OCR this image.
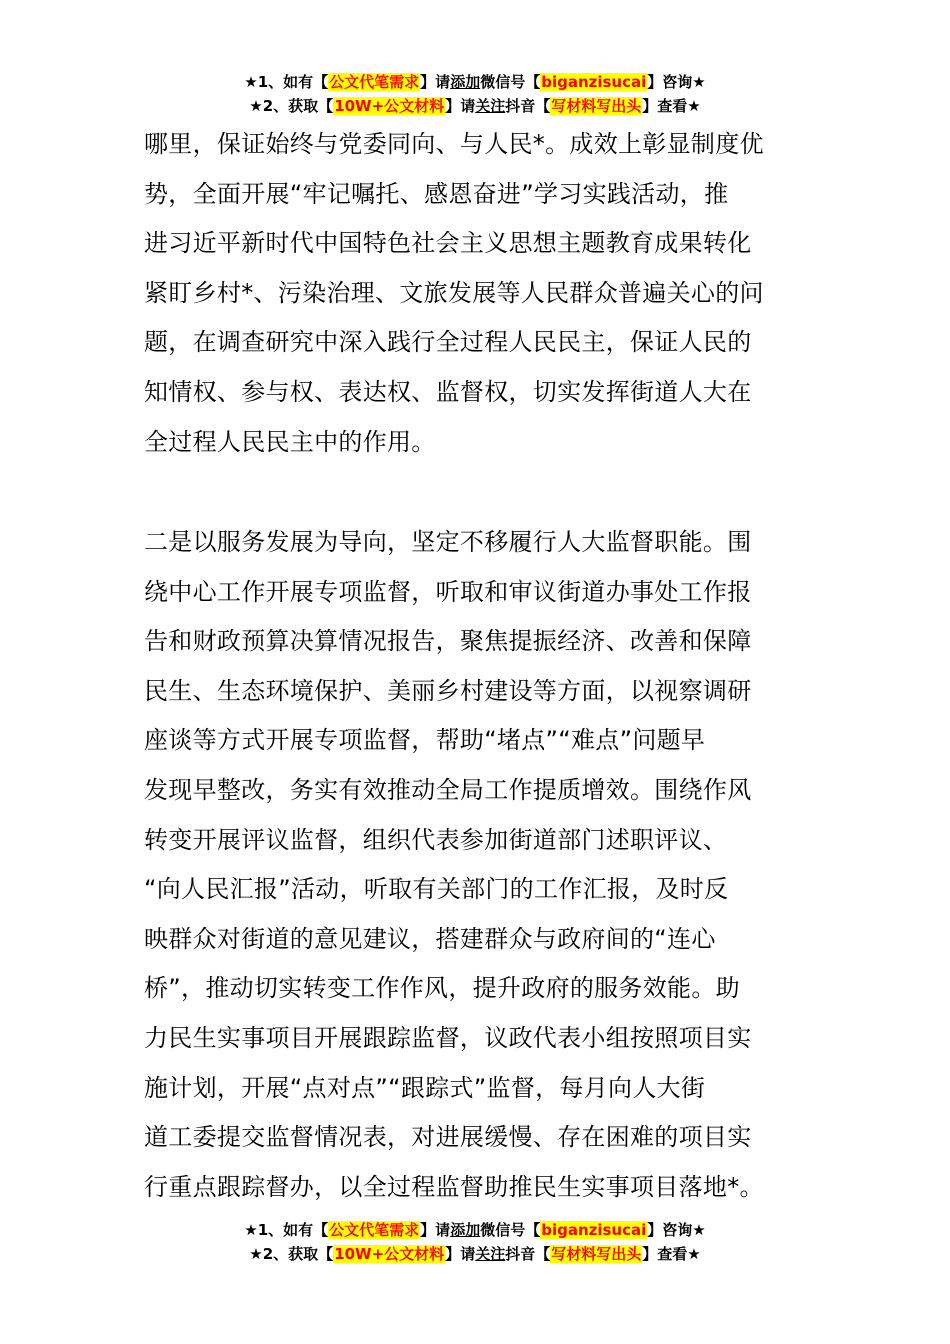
★1、如有【公文代笔需求】请添加微信号【biganzisucai】咨询★
★2、获取【10W+公文材料】请关注抖音【写材料写出头】查看★
哪里，保证始终与党委同向、与人民*。成效上彰显制度优
势，全面开展“牢记嘱托、感恩奋进”学习实践活动，推
进习近平新时代中国特色社会主义思想主题教育成果转化
紧盯乡村*、污染治理、文旅发展等人民群众普遍关心的问
题，在调查研究中深入践行全过程人民民主，保证人民的
知情权、参与权、表达权、监督权，切实发挥街道人大在
全过程人民民主中的作用。
二是以服务发展为导向，坚定不移履行人大监督职能。围
绕中心工作开展专项监督，听取和审议街道办事处工作报
告和财政预算决算情况报告，聚焦提振经济、改善和保障
民生、生态环境保护、美丽乡村建设等方面，以视察调研
座谈等方式开展专项监督，帮助“堵点”“难点”问题早
发现早整改，务实有效推动全局工作提质增效。围绕作风
转变开展评议监督，组织代表参加街道部门述职评议、
“向人民汇报”活动，听取有关部门的工作汇报，及时反
映群众对街道的意见建议，搭建群众与政府间的“连心
桥”，推动切实转变工作作风，提升政府的服务效能。助
力民生实事项目开展跟踪监督，议政代表小组按照项目实
施计划，开展“点对点”“跟踪式”监督，每月向人大街
道工委提交监督情况表，对进展缓慢、存在困难的项目实
行重点跟踪督办，以全过程监督助推民生实事项目落地*。
★1、如有【公文代笔需求】请添加微信号【biganzisucai】咨询★
★2、获取【10W+公文材料】请关注抖音【写材料写出头】查看★
